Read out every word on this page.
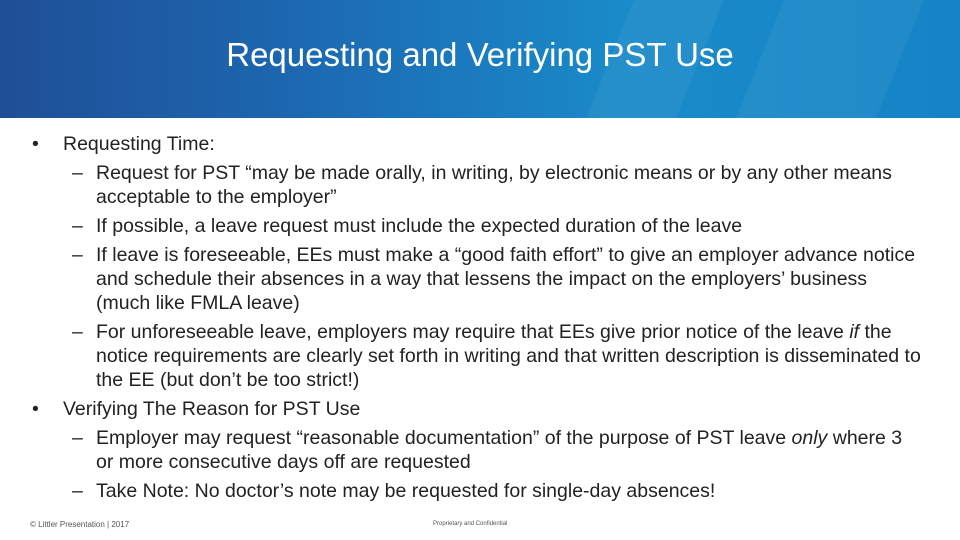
Requesting and Verifying PST Use
• Requesting Time:
– Request for PST “may be made orally, in writing, by electronic means or by any other means acceptable to the employer”
– If possible, a leave request must include the expected duration of the leave
– If leave is foreseeable, EEs must make a “good faith effort” to give an employer advance notice and schedule their absences in a way that lessens the impact on the employers’ business (much like FMLA leave)
– For unforeseeable leave, employers may require that EEs give prior notice of the leave if the notice requirements are clearly set forth in writing and that written description is disseminated to the EE (but don’t be too strict!)
• Verifying The Reason for PST Use
– Employer may request “reasonable documentation” of the purpose of PST leave only where 3 or more consecutive days off are requested
– Take Note: No doctor’s note may be requested for single-day absences!
© Littler Presentation | 2017	Proprietary and Confidential
